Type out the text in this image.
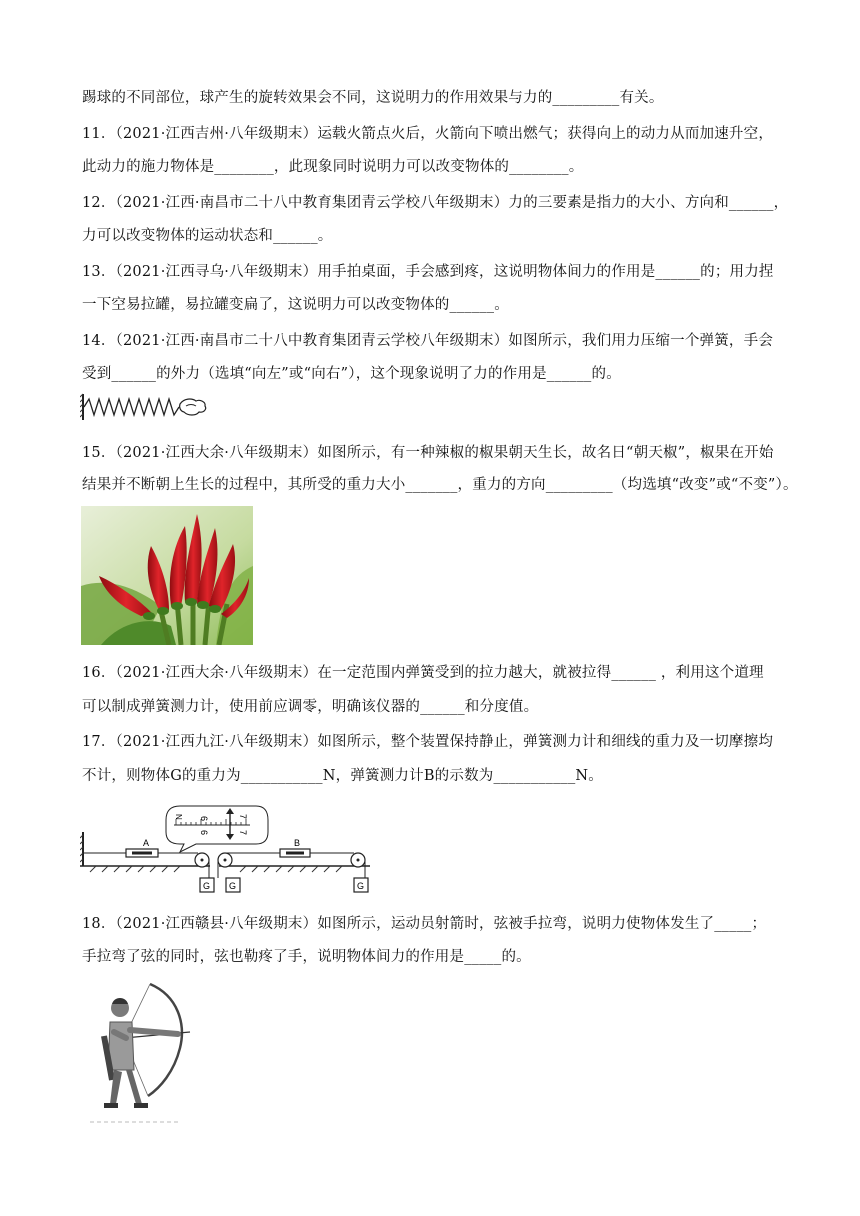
踢球的不同部位，球产生的旋转效果会不同，这说明力的作用效果与力的_________有关。
11．（2021·江西吉州·八年级期末）运载火箭点火后，火箭向下喷出燃气；获得向上的动力从而加速升空，
此动力的施力物体是________，此现象同时说明力可以改变物体的________。
12．（2021·江西·南昌市二十八中教育集团青云学校八年级期末）力的三要素是指力的大小、方向和______，
力可以改变物体的运动状态和______。
13．（2021·江西寻乌·八年级期末）用手拍桌面，手会感到疼，这说明物体间力的作用是______的；用力捏
一下空易拉罐，易拉罐变扁了，这说明力可以改变物体的______。
14．（2021·江西·南昌市二十八中教育集团青云学校八年级期末）如图所示，我们用力压缩一个弹簧，手会
受到______的外力（选填“向左”或“向右”），这个现象说明了力的作用是______的。
15．（2021·江西大余·八年级期末）如图所示，有一种辣椒的椒果朝天生长，故名日“朝天椒”，椒果在开始
结果并不断朝上生长的过程中，其所受的重力大小_______，重力的方向_________（均选填“改变”或“不变”）。
16．（2021·江西大余·八年级期末）在一定范围内弹簧受到的拉力越大，就被拉得______ ，利用这个道理
可以制成弹簧测力计，使用前应调零，明确该仪器的______和分度值。
17．（2021·江西九江·八年级期末）如图所示，整个装置保持静止，弹簧测力计和细线的重力及一切摩擦均
不计，则物体G的重力为___________N，弹簧测力计B的示数为___________N。
A
G
6
6
7
7
N
G
B
G
18．（2021·江西赣县·八年级期末）如图所示，运动员射箭时，弦被手拉弯，说明力使物体发生了_____；
手拉弯了弦的同时，弦也勒疼了手，说明物体间力的作用是_____的。
